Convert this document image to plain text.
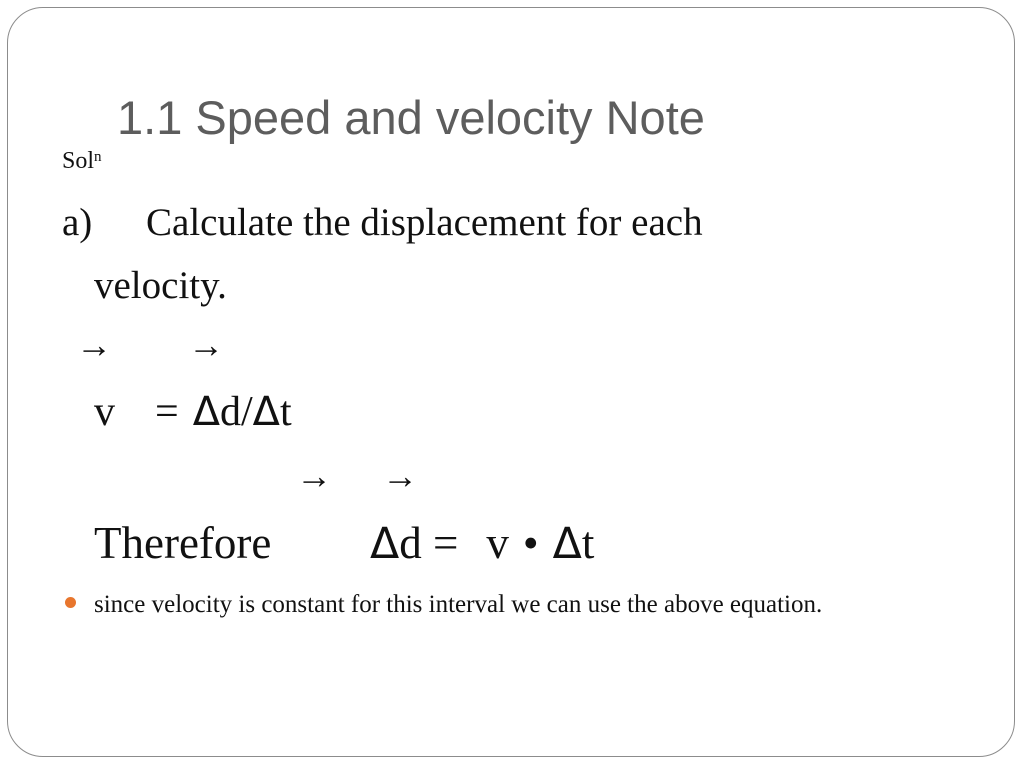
1.1 Speed and velocity Note
Sol$^n$
a) Calculate the displacement for each
velocity.
→ →
v = Δd/Δt
→ →
Therefore Δd = v • Δt
since velocity is constant for this interval we can use the above equation.
